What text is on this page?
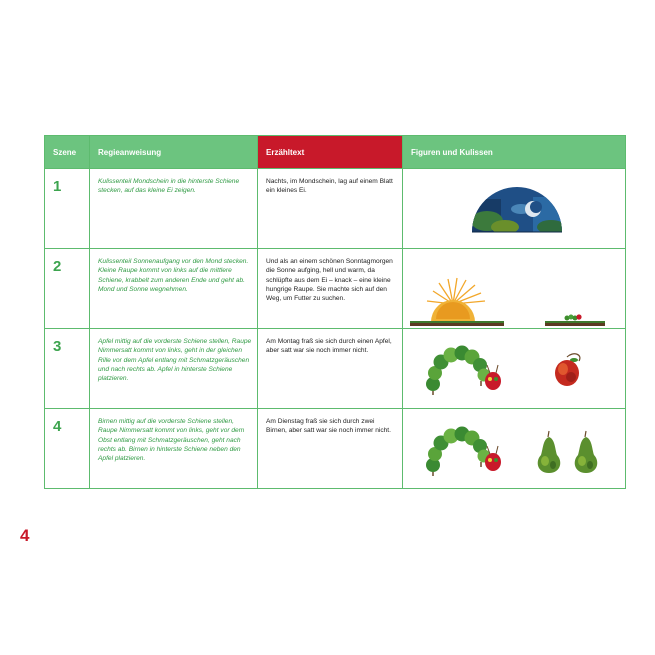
Szene	Regieanweisung	Erzähltext	Figuren und Kulissen
1	Kulissenteil Mondschein in die hinterste Schiene stecken, auf das kleine Ei zeigen.	Nachts, im Mondschein, lag auf einem Blatt ein kleines Ei.	

2	Kulissenteil Sonnenaufgang vor den Mond stecken. Kleine Raupe kommt von links auf die mittlere Schiene, krabbelt zum anderen Ende und geht ab. Mond und Sonne wegnehmen.	Und als an einem schönen Sonntagmorgen die Sonne aufging, hell und warm, da schlüpfte aus dem Ei – knack – eine kleine hungrige Raupe. Sie machte sich auf den Weg, um Futter zu suchen.	

3	Apfel mittig auf die vorderste Schiene stellen, Raupe Nimmersatt kommt von links, geht in der gleichen Rille vor dem Apfel entlang mit Schmatzgeräuschen und nach rechts ab. Apfel in hinterste Schiene platzieren.	Am Montag fraß sie sich durch einen Apfel, aber satt war sie noch immer nicht.	

4	Birnen mittig auf die vorderste Schiene stellen, Raupe Nimmersatt kommt von links, geht vor dem Obst entlang mit Schmatzgeräuschen, geht nach rechts ab. Birnen in hinterste Schiene neben den Apfel platzieren.	Am Dienstag fraß sie sich durch zwei Birnen, aber satt war sie noch immer nicht.	
4
